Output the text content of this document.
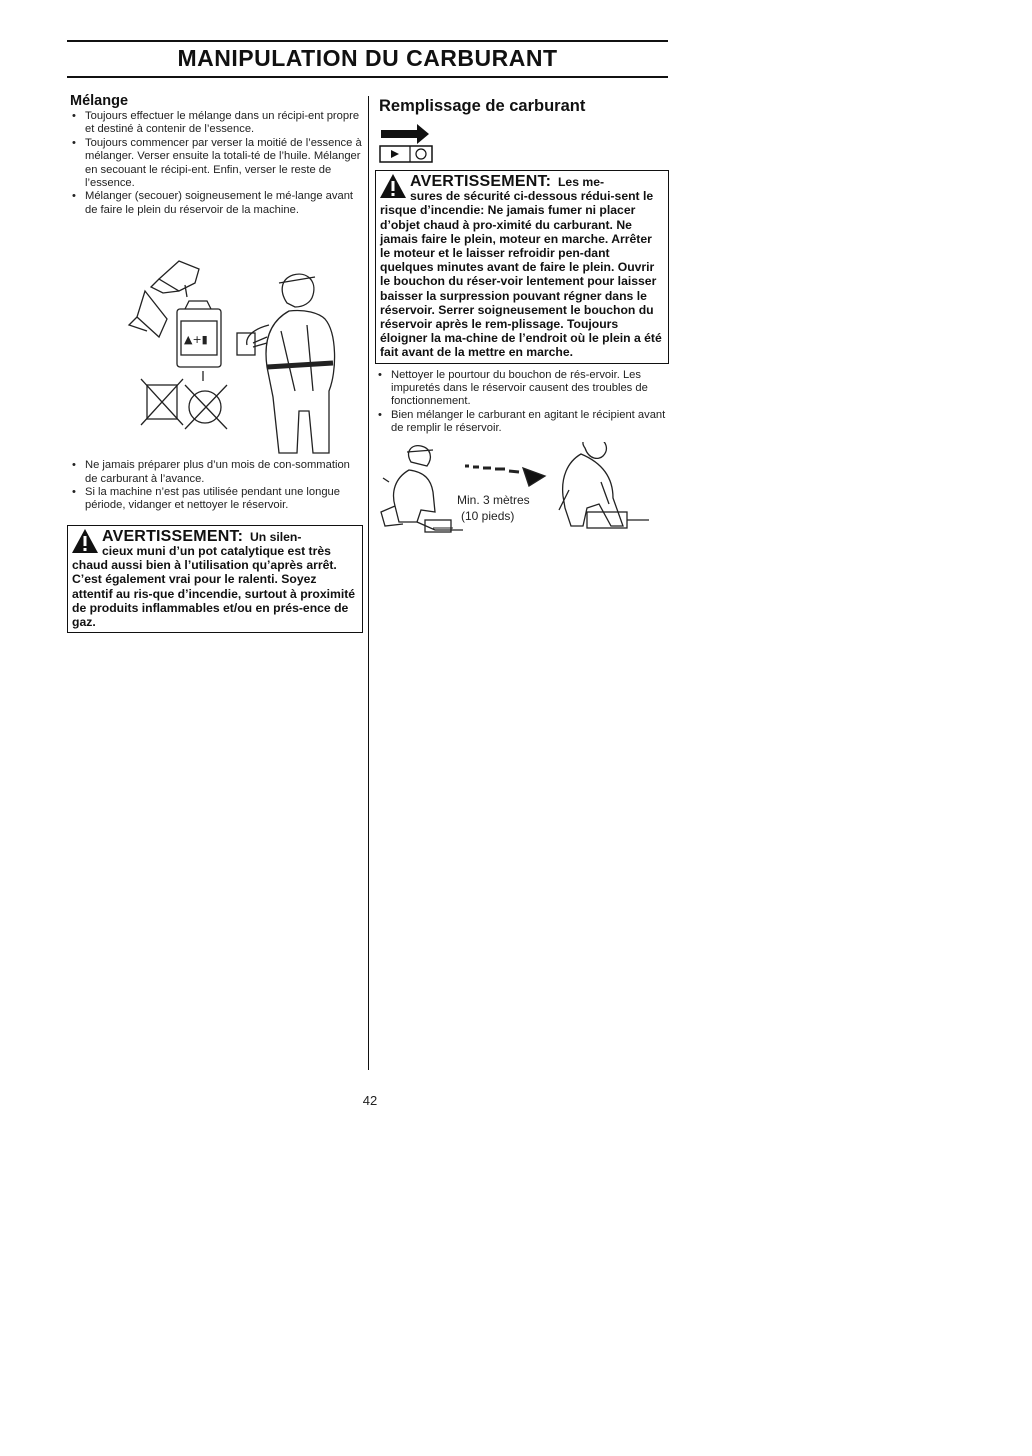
MANIPULATION DU CARBURANT
Mélange
• Toujours effectuer le mélange dans un récipi-ent propre et destiné à contenir de l’essence.
• Toujours commencer par verser la moitié de l’essence à mélanger. Verser ensuite la totali-té de l’huile. Mélanger en secouant le récipi-ent. Enfin, verser le reste de l’essence.
• Mélanger (secouer) soigneusement le mé-lange avant de faire le plein du réservoir de la machine.
▲+▮
• Ne jamais préparer plus d’un mois de con-sommation de carburant à l’avance.
• Si la machine n’est pas utilisée pendant une longue période, vidanger et nettoyer le réservoir.

AVERTISSEMENT: Un silen-

cieux muni d’un pot catalytique est très chaud aussi bien à l’utilisation qu’après arrêt. C’est également vrai pour le ralenti. Soyez attentif au ris-que d’incendie, surtout à proximité de produits inflammables et/ou en prés-ence de gaz.

Remplissage de carburant

AVERTISSEMENT: Les me-

sures de sécurité ci-dessous rédui-sent le risque d’incendie: Ne jamais fumer ni placer d’objet chaud à pro-ximité du carburant. Ne jamais faire le plein, moteur en marche. Arrêter le moteur et le laisser refroidir pen-dant quelques minutes avant de faire le plein. Ouvrir le bouchon du réser-voir lentement pour laisser baisser la surpression pouvant régner dans le réservoir. Serrer soigneusement le bouchon du réservoir après le rem-plissage. Toujours éloigner la ma-chine de l’endroit où le plein a été fait avant de la mettre en marche.

• Nettoyer le pourtour du bouchon de rés-ervoir. Les impuretés dans le réservoir causent des troubles de fonctionnement.
• Bien mélanger le carburant en agitant le récipient avant de remplir le réservoir.
Min. 3 mètres
(10 pieds)
42
